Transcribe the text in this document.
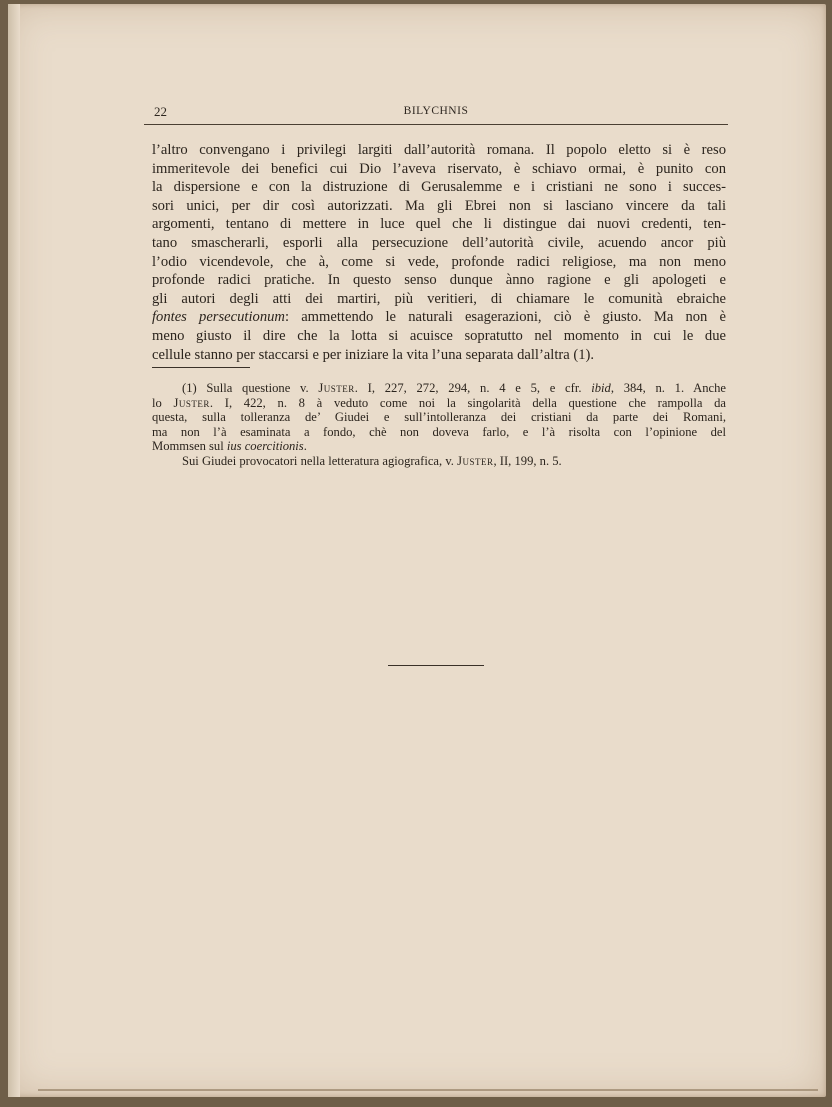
22	BILYCHNIS
l’altro convengano i privilegi largiti dall’autorità romana. Il popolo eletto si è reso
immeritevole dei benefici cui Dio l’aveva riservato, è schiavo ormai, è punito con
la dispersione e con la distruzione di Gerusalemme e i cristiani ne sono i succes-
sori unici, per dir così autorizzati. Ma gli Ebrei non si lasciano vincere da tali
argomenti, tentano di mettere in luce quel che li distingue dai nuovi credenti, ten-
tano smascherarli, esporli alla persecuzione dell’autorità civile, acuendo ancor più
l’odio vicendevole, che à, come si vede, profonde radici religiose, ma non meno
profonde radici pratiche. In questo senso dunque ànno ragione e gli apologeti e
gli autori degli atti dei martiri, più veritieri, di chiamare le comunità ebraiche
fontes persecutionum: ammettendo le naturali esagerazioni, ciò è giusto. Ma non è
meno giusto il dire che la lotta si acuisce sopratutto nel momento in cui le due
cellule stanno per staccarsi e per iniziare la vita l’una separata dall’altra (1).
(1) Sulla questione v. Juster. I, 227, 272, 294, n. 4 e 5, e cfr. ibid, 384, n. 1. Anche
lo Juster. I, 422, n. 8 à veduto come noi la singolarità della questione che rampolla da
questa, sulla tolleranza de’ Giudei e sull’intolleranza dei cristiani da parte dei Romani,
ma non l’à esaminata a fondo, chè non doveva farlo, e l’à risolta con l’opinione del
Mommsen sul ius coercitionis.
Sui Giudei provocatori nella letteratura agiografica, v. Juster, II, 199, n. 5.
